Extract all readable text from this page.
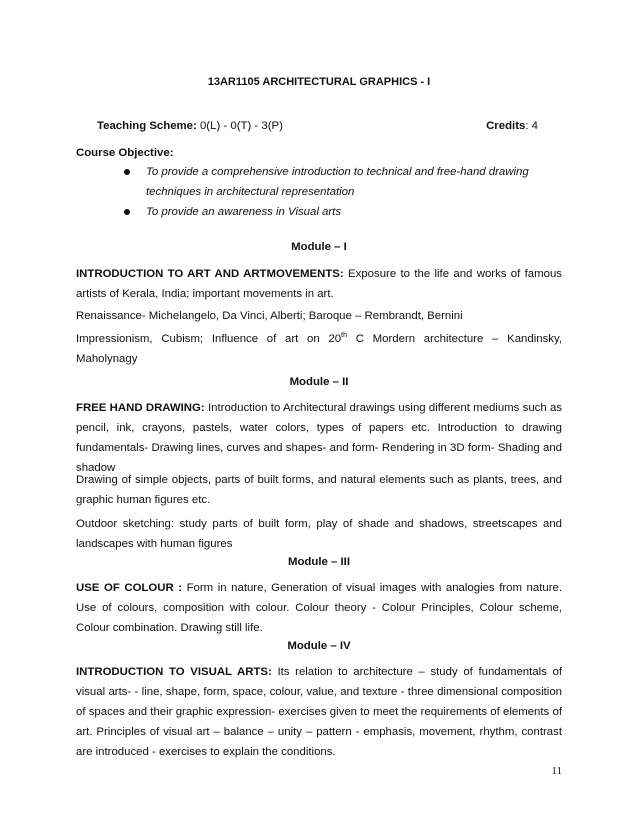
13AR1105 ARCHITECTURAL GRAPHICS - I
Teaching Scheme: 0(L) - 0(T) - 3(P)	Credits: 4
Course Objective:
To provide a comprehensive introduction to technical and free-hand drawing techniques in architectural representation
To provide an awareness in Visual arts
Module – I
INTRODUCTION TO ART AND ARTMOVEMENTS: Exposure to the life and works of famous artists of Kerala, India; important movements in art.
Renaissance- Michelangelo, Da Vinci, Alberti; Baroque – Rembrandt, Bernini
Impressionism, Cubism; Influence of art on 20th C Mordern architecture – Kandinsky,
Maholynagy
Module – II
FREE HAND DRAWING: Introduction to Architectural drawings using different mediums such as pencil, ink, crayons, pastels, water colors, types of papers etc. Introduction to drawing fundamentals- Drawing lines, curves and shapes- and form- Rendering in 3D form- Shading and shadow
Drawing of simple objects, parts of built forms, and natural elements such as plants, trees, and graphic human figures etc.
Outdoor sketching: study parts of built form, play of shade and shadows, streetscapes and landscapes with human figures
Module – III
USE OF COLOUR : Form in nature, Generation of visual images with analogies from nature. Use of colours, composition with colour. Colour theory - Colour Principles, Colour scheme, Colour combination. Drawing still life.
Module – IV
INTRODUCTION TO VISUAL ARTS: Its relation to architecture – study of fundamentals of visual arts- - line, shape, form, space, colour, value, and texture - three dimensional composition of spaces and their graphic expression- exercises given to meet the requirements of elements of art. Principles of visual art – balance – unity – pattern - emphasis, movement, rhythm, contrast are introduced - exercises to explain the conditions.
11
